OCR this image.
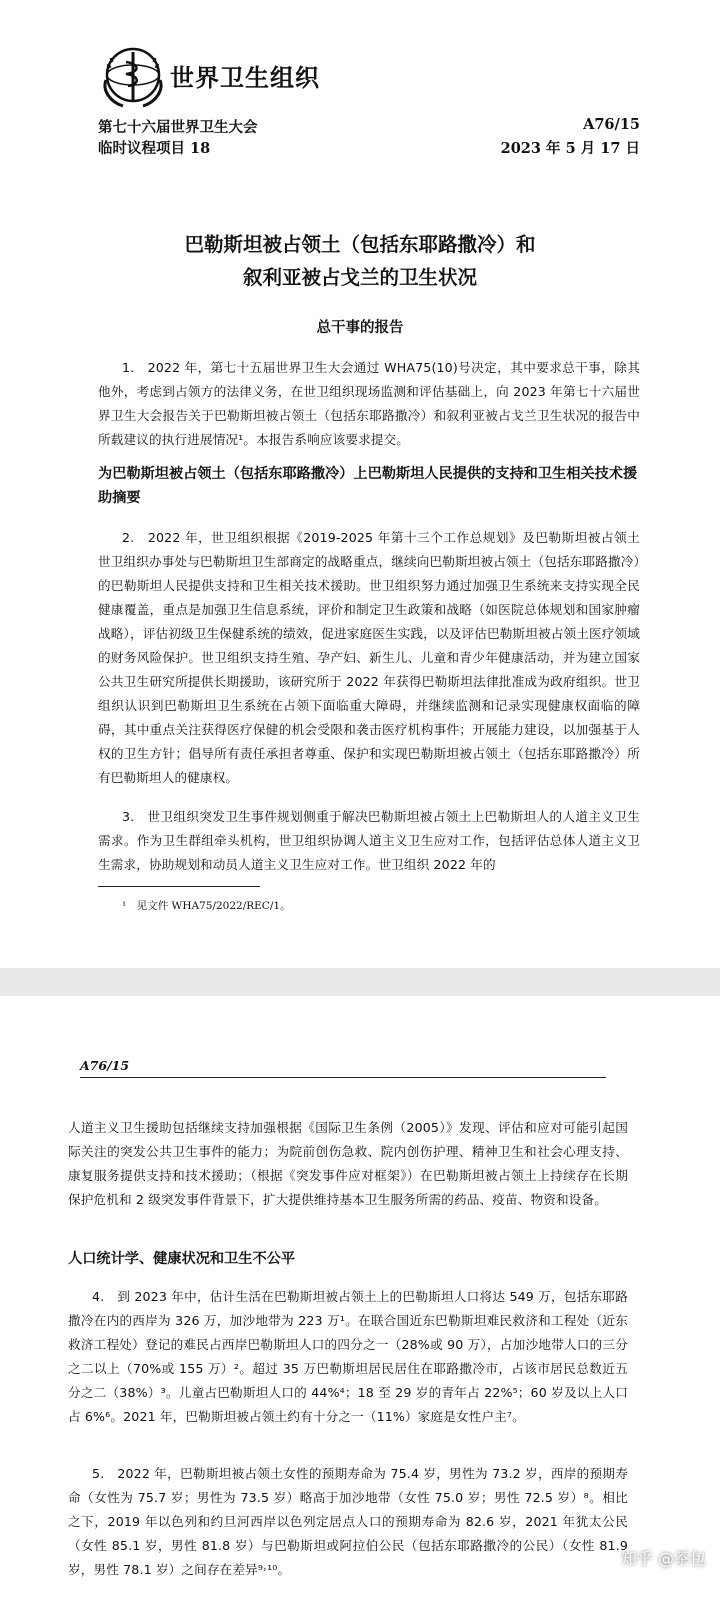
世界卫生组织
第七十六届世界卫生大会	A76/15
临时议程项目 18	2023 年 5 月 17 日
巴勒斯坦被占领土（包括东耶路撒冷）和
叙利亚被占戈兰的卫生状况
总干事的报告
1.　2022 年，第七十五届世界卫生大会通过 WHA75(10)号决定，其中要求总干事，除其他外，考虑到占领方的法律义务，在世卫组织现场监测和评估基础上，向 2023 年第七十六届世界卫生大会报告关于巴勒斯坦被占领土（包括东耶路撒冷）和叙利亚被占戈兰卫生状况的报告中所载建议的执行进展情况¹。本报告系响应该要求提交。
为巴勒斯坦被占领土（包括东耶路撒冷）上巴勒斯坦人民提供的支持和卫生相关技术援助摘要
2.　2022 年，世卫组织根据《2019-2025 年第十三个工作总规划》及巴勒斯坦被占领土世卫组织办事处与巴勒斯坦卫生部商定的战略重点，继续向巴勒斯坦被占领土（包括东耶路撒冷）的巴勒斯坦人民提供支持和卫生相关技术援助。世卫组织努力通过加强卫生系统来支持实现全民健康覆盖，重点是加强卫生信息系统，评价和制定卫生政策和战略（如医院总体规划和国家肿瘤战略），评估初级卫生保健系统的绩效，促进家庭医生实践，以及评估巴勒斯坦被占领土医疗领域的财务风险保护。世卫组织支持生殖、孕产妇、新生儿、儿童和青少年健康活动，并为建立国家公共卫生研究所提供长期援助，该研究所于 2022 年获得巴勒斯坦法律批准成为政府组织。世卫组织认识到巴勒斯坦卫生系统在占领下面临重大障碍，并继续监测和记录实现健康权面临的障碍，其中重点关注获得医疗保健的机会受限和袭击医疗机构事件；开展能力建设，以加强基于人权的卫生方针；倡导所有责任承担者尊重、保护和实现巴勒斯坦被占领土（包括东耶路撒冷）所有巴勒斯坦人的健康权。
3.　世卫组织突发卫生事件规划侧重于解决巴勒斯坦被占领土上巴勒斯坦人的人道主义卫生需求。作为卫生群组牵头机构，世卫组织协调人道主义卫生应对工作，包括评估总体人道主义卫生需求，协助规划和动员人道主义卫生应对工作。世卫组织 2022 年的
¹　见文件 WHA75/2022/REC/1。
A76/15
人道主义卫生援助包括继续支持加强根据《国际卫生条例（2005）》发现、评估和应对可能引起国际关注的突发公共卫生事件的能力；为院前创伤急救、院内创伤护理、精神卫生和社会心理支持、康复服务提供支持和技术援助；（根据《突发事件应对框架》）在巴勒斯坦被占领土上持续存在长期保护危机和 2 级突发事件背景下，扩大提供维持基本卫生服务所需的药品、疫苗、物资和设备。
人口统计学、健康状况和卫生不公平
4.　到 2023 年中，估计生活在巴勒斯坦被占领土上的巴勒斯坦人口将达 549 万，包括东耶路撒冷在内的西岸为 326 万，加沙地带为 223 万¹。在联合国近东巴勒斯坦难民救济和工程处（近东救济工程处）登记的难民占西岸巴勒斯坦人口的四分之一（28%或 90 万），占加沙地带人口的三分之二以上（70%或 155 万）²。超过 35 万巴勒斯坦居民居住在耶路撒冷市，占该市居民总数近五分之二（38%）³。儿童占巴勒斯坦人口的 44%⁴；18 至 29 岁的青年占 22%⁵；60 岁及以上人口占 6%⁶。2021 年，巴勒斯坦被占领土约有十分之一（11%）家庭是女性户主⁷。
5.　2022 年，巴勒斯坦被占领土女性的预期寿命为 75.4 岁，男性为 73.2 岁，西岸的预期寿命（女性为 75.7 岁；男性为 73.5 岁）略高于加沙地带（女性 75.0 岁；男性 72.5 岁）⁸。相比之下，2019 年以色列和约旦河西岸以色列定居点人口的预期寿命为 82.6 岁，2021 年犹太公民（女性 85.1 岁，男性 81.8 岁）与巴勒斯坦或阿拉伯公民（包括东耶路撒冷的公民）（女性 81.9 岁，男性 78.1 岁）之间存在差异⁹˒¹⁰。
知乎 @茶包
